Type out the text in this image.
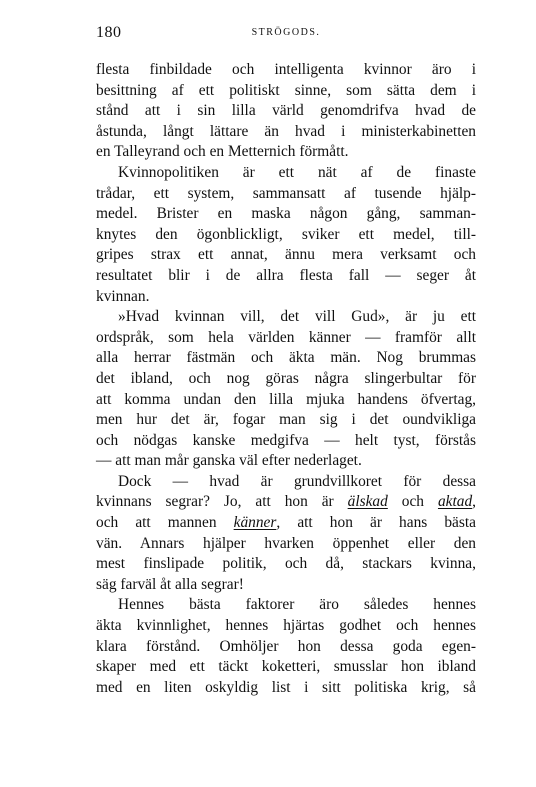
180	STRÖGODS.
flesta finbildade och intelligenta kvinnor äro i
besittning af ett politiskt sinne, som sätta dem i
stånd att i sin lilla värld genomdrifva hvad de
åstunda, långt lättare än hvad i ministerkabinetten
en Talleyrand och en Metternich förmått.
Kvinnopolitiken är ett nät af de finaste
trådar, ett system, sammansatt af tusende hjälp-
medel. Brister en maska någon gång, samman-
knytes den ögonblickligt, sviker ett medel, till-
gripes strax ett annat, ännu mera verksamt och
resultatet blir i de allra flesta fall — seger åt
kvinnan.
»Hvad kvinnan vill, det vill Gud», är ju ett
ordspråk, som hela världen känner — framför allt
alla herrar fästmän och äkta män. Nog brummas
det ibland, och nog göras några slingerbultar för
att komma undan den lilla mjuka handens öfvertag,
men hur det är, fogar man sig i det oundvikliga
och nödgas kanske medgifva — helt tyst, förstås
— att man mår ganska väl efter nederlaget.
Dock — hvad är grundvillkoret för dessa
kvinnans segrar? Jo, att hon är älskad och aktad,
och att mannen känner, att hon är hans bästa
vän. Annars hjälper hvarken öppenhet eller den
mest finslipade politik, och då, stackars kvinna,
säg farväl åt alla segrar!
Hennes bästa faktorer äro således hennes
äkta kvinnlighet, hennes hjärtas godhet och hennes
klara förstånd. Omhöljer hon dessa goda egen-
skaper med ett täckt koketteri, smusslar hon ibland
med en liten oskyldig list i sitt politiska krig, så
